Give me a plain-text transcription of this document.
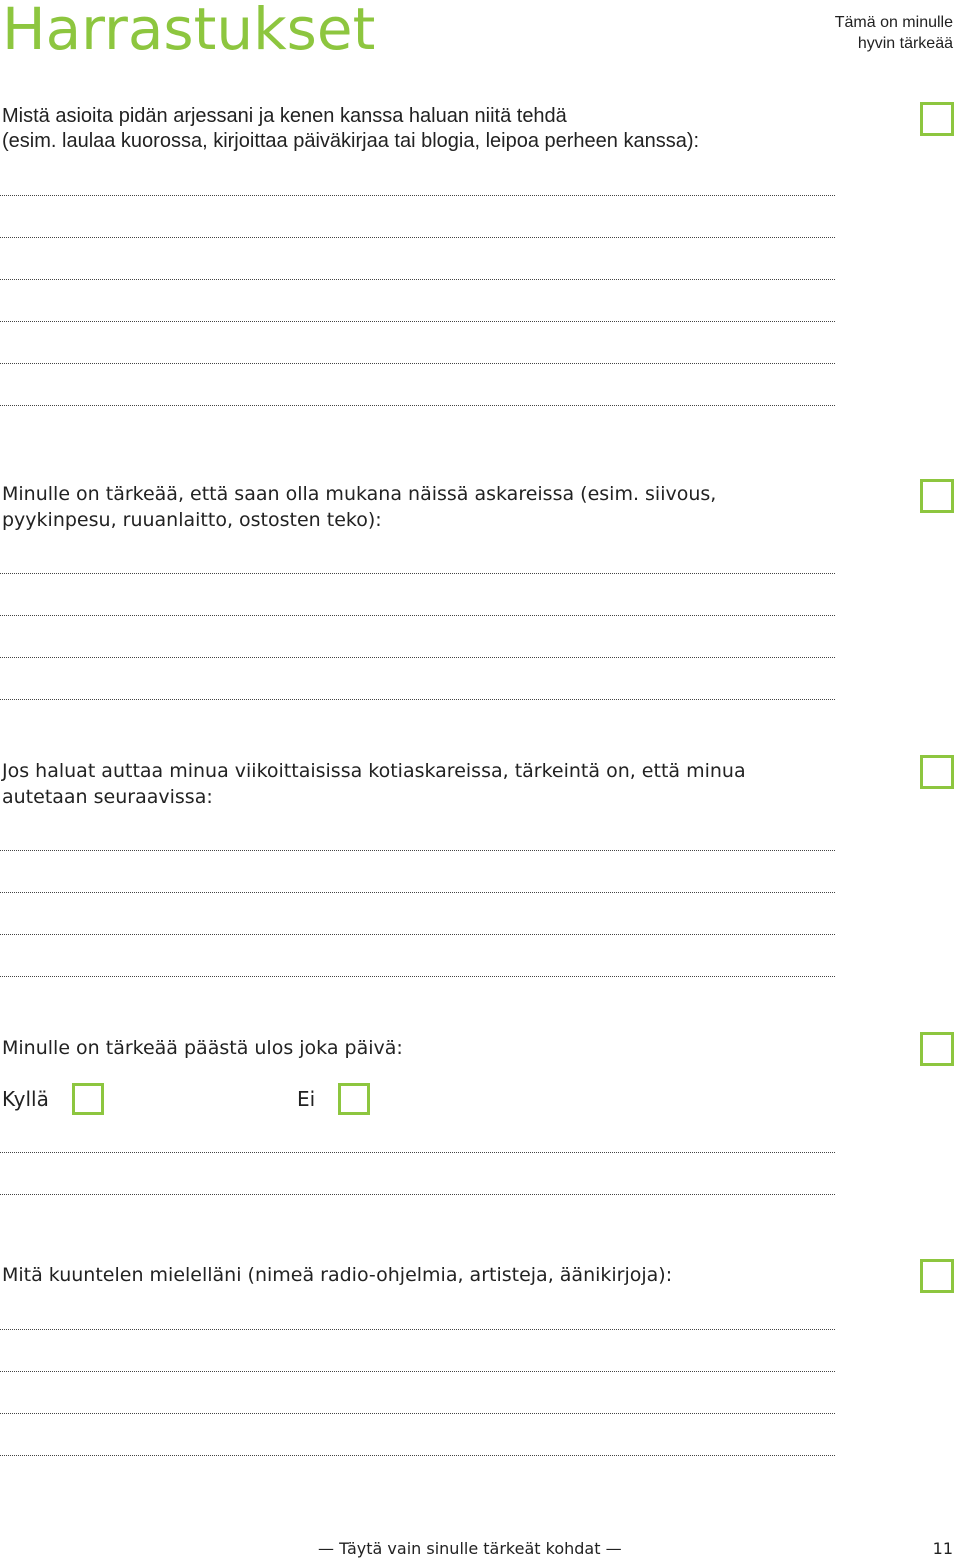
Harrastukset	Tämä on minulle
hyvin tärkeää
Mistä asioita pidän arjessani ja kenen kanssa haluan niitä tehdä
(esim. laulaa kuorossa, kirjoittaa päiväkirjaa tai blogia, leipoa perheen kanssa):
Minulle on tärkeää, että saan olla mukana näissä askareissa (esim. siivous,
pyykinpesu, ruuanlaitto, ostosten teko):
Jos haluat auttaa minua viikoittaisissa kotiaskareissa, tärkeintä on, että minua
autetaan seuraavissa:
Minulle on tärkeää päästä ulos joka päivä:
Kyllä	Ei
Mitä kuuntelen mielelläni (nimeä radio-ohjelmia, artisteja, äänikirjoja):
— Täytä vain sinulle tärkeät kohdat —	11
